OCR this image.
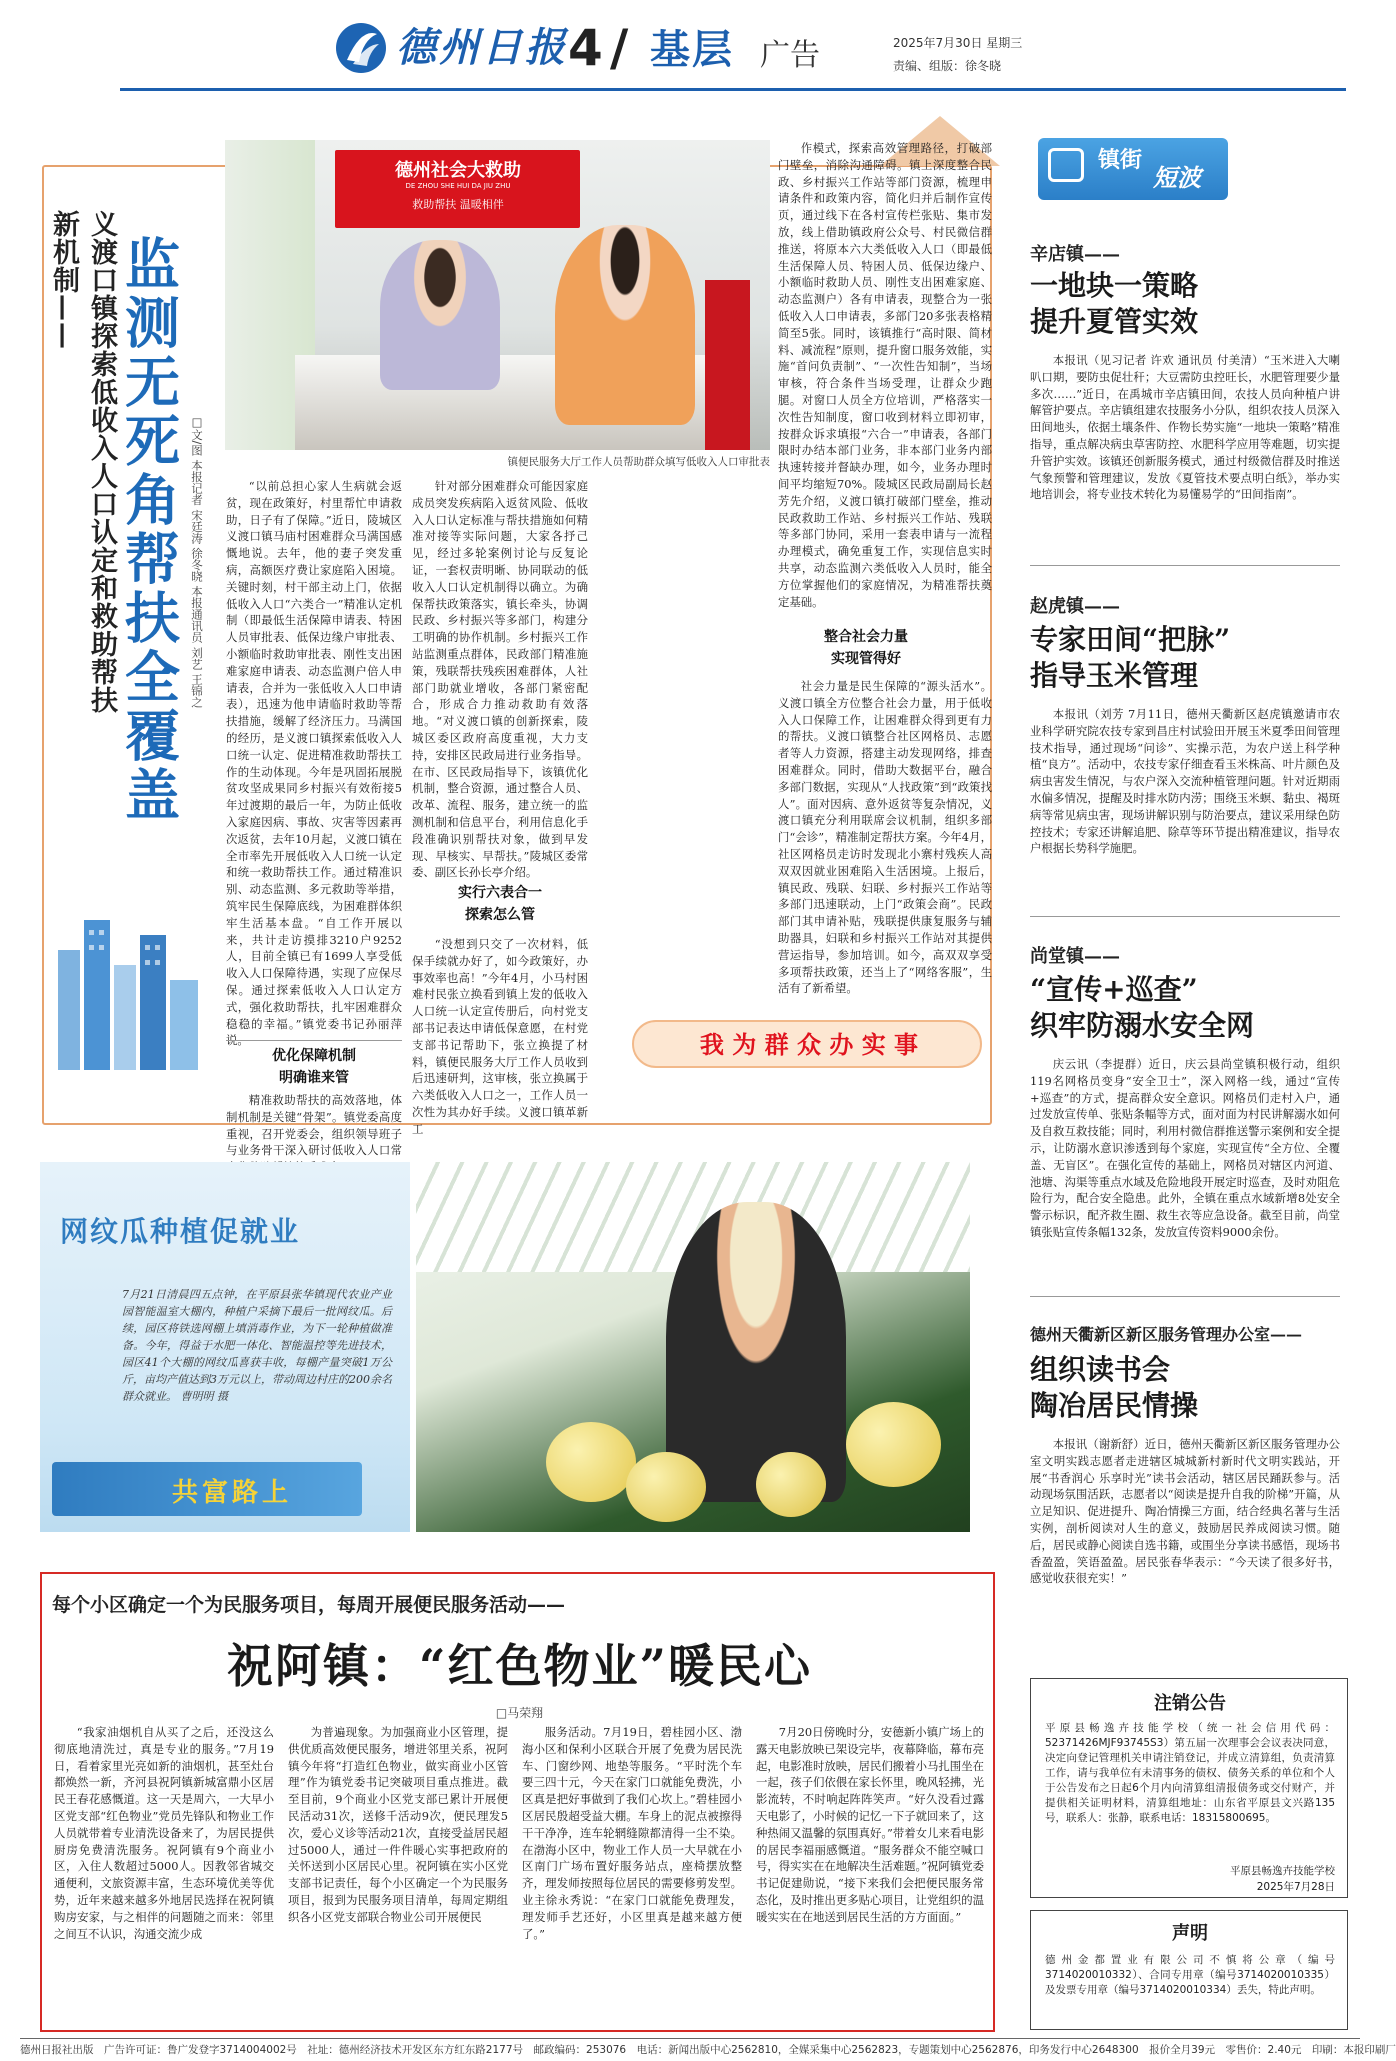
德州日报 4 / 基层 广告	2025年7月30日 星期三
责编、组版：徐冬晓
义渡口镇探索低收入人口认定和救助帮扶新机制—— 监测无死角
帮扶全覆盖 □文/图 本报记者 宋廷涛 徐冬晓 本报通讯员 刘艺 王锦之
德州社会大救助
DE ZHOU SHE HUI DA JIU ZHU
救助帮扶 温暖相伴
镇便民服务大厅工作人员帮助群众填写低收入人口审批表

“以前总担心家人生病就会返贫，现在政策好，村里帮忙申请救助，日子有了保障。”近日，陵城区义渡口镇马庙村困难群众马满国感慨地说。去年，他的妻子突发重病，高额医疗费让家庭陷入困境。关键时刻，村干部主动上门，依据低收入人口“六类合一”精准认定机制（即最低生活保障申请表、特困人员审批表、低保边缘户审批表、小额临时救助审批表、刚性支出困难家庭申请表、动态监测户倍人申请表，合并为一张低收入人口申请表），迅速为他申请临时救助等帮扶措施，缓解了经济压力。马满国的经历，是义渡口镇探索低收入人口统一认定、促进精准救助帮扶工作的生动体现。今年是巩固拓展脱贫攻坚成果同乡村振兴有效衔接5年过渡期的最后一年，为防止低收入家庭因病、事故、灾害等因素再次返贫，去年10月起，义渡口镇在全市率先开展低收入人口统一认定和统一救助帮扶工作。通过精准识别、动态监测、多元救助等举措，筑牢民生保障底线，为困难群体织牢生活基本盘。“自工作开展以来，共计走访摸排3210户9252人，目前全镇已有1699人享受低收入人口保障待遇，实现了应保尽保。通过探索低收入人口认定方式，强化救助帮扶，扎牢困难群众稳稳的幸福。”镇党委书记孙丽萍说。

优化保障机制
明确谁来管

精准救助帮扶的高效落地，体制机制是关键“骨架”。镇党委高度重视，召开党委会，组织领导班子与业务骨干深入研讨低收入人口常

针对部分困难群众可能因家庭成员突发疾病陷入返贫风险、低收入人口认定标准与帮扶措施如何精准对接等实际问题，大家各抒己见，经过多轮案例讨论与反复论证，一套权责明晰、协同联动的低收入人口认定机制得以确立。为确保帮扶政策落实，镇长牵头，协调民政、乡村振兴等多部门，构建分工明确的协作机制。乡村振兴工作站监测重点群体，民政部门精准施策，残联帮扶残疾困难群体，人社部门助就业增收，各部门紧密配合，形成合力推动救助有效落地。“对义渡口镇的创新探索，陵城区委区政府高度重视，大力支持，安排区民政局进行业务指导。在市、区民政局指导下，该镇优化机制，整合资源，通过整合人员、改革、流程、服务，建立统一的监测机制和信息平台，利用信息化手段准确识别帮扶对象，做到早发现、早核实、早帮扶。”陵城区委常委、副区长孙长亭介绍。

实行六表合一
探索怎么管

“没想到只交了一次材料，低保手续就办好了，如今政策好，办事效率也高！”今年4月，小马村困难村民张立换看到镇上发的低收入人口统一认定宣传册后，向村党支部书记表达申请低保意愿，在村党支部书记帮助下，张立换提了材料，镇便民服务大厅工作人员收到后迅速研判，这审核，张立换属于六类低收入人口之一，工作人员一次性为其办好手续。义渡口镇革新工

作模式，探索高效管理路径，打破部门壁垒，消除沟通障碍。镇上深度整合民政、乡村振兴工作站等部门资源，梳理申请条件和政策内容，简化归并后制作宣传页，通过线下在各村宣传栏张贴、集市发放，线上借助镇政府公众号、村民微信群推送，将原本六大类低收入人口（即最低生活保障人员、特困人员、低保边缘户、小额临时救助人员、刚性支出困难家庭、动态监测户）各有申请表，现整合为一张低收入人口申请表，多部门20多张表格精简至5张。同时，该镇推行“高时限、简材料、减流程”原则，提升窗口服务效能，实施“首问负责制”、“一次性告知制”，当场审核，符合条件当场受理，让群众少跑腿。对窗口人员全方位培训，严格落实一次性告知制度，窗口收到材料立即初审，按群众诉求填报“六合一”申请表，各部门限时办结本部门业务，非本部门业务内部执速转接并督缺办理，如今，业务办理时间平均缩短70%。陵城区民政局副局长赵芳先介绍，义渡口镇打破部门壁垒，推动民政救助工作站、乡村振兴工作站、残联等多部门协同，采用一套表申请与一流程办理模式，确免重复工作，实现信息实时共享，动态监测六类低收入人员时，能全方位掌握他们的家庭情况，为精准帮扶奠定基础。

整合社会力量
实现管得好

社会力量是民生保障的“源头活水”。义渡口镇全方位整合社会力量，用于低收入人口保障工作，让困难群众得到更有力的帮扶。义渡口镇整合社区网格员、志愿者等人力资源，搭建主动发现网络，排查困难群众。同时，借助大数据平台，融合多部门数据，实现从“人找政策”到“政策找人”。面对因病、意外返贫等复杂情况，义渡口镇充分利用联席会议机制，组织多部门“会诊”，精准制定帮扶方案。今年4月，社区网格员走访时发现北小寨村残疾人高双双因就业困难陷入生活困境。上报后，镇民政、残联、妇联、乡村振兴工作站等多部门迅速联动，上门“政策会商”。民政部门其申请补贴，残联提供康复服务与辅助器具，妇联和乡村振兴工作站对其提供营运指导，参加培训。如今，高双双享受多项帮扶政策，还当上了“网络客服”，生活有了新希望。

我 为 群 众 办 实 事
网纹瓜种植促就业
7月21日清晨四五点钟，在平原县张华镇现代农业产业园智能温室大棚内，种植户采摘下最后一批网纹瓜。后续，园区将铁选网棚上填消毒作业，为下一轮种植做准备。今年，得益于水肥一体化、智能温控等先进技术，园区41个大棚的网纹瓜喜获丰收，每棚产量突破1万公斤，亩均产值达到3万元以上，带动周边村庄的200余名群众就业。 曹明明 摄
共富路上
每个小区确定一个为民服务项目，每周开展便民服务活动——
祝阿镇：“红色物业”暖民心
□马荣翔

“我家油烟机自从买了之后，还没这么彻底地清洗过，真是专业的服务。”7月19日，看着家里光亮如新的油烟机，甚至灶台都焕然一新，齐河县祝阿镇新城富鼎小区居民王春花感慨道。这一天是周六，一大早小区党支部“红色物业”党员先锋队和物业工作人员就带着专业清洗设备来了，为居民提供厨房免费清洗服务。祝阿镇有9个商业小区，入住人数超过5000人。因教邻省城交通便利，文旅资源丰富，生态环境优美等优势，近年来越来越多外地居民选择在祝阿镇购房安家，与之相伴的问题随之而来：邻里之间互不认识，沟通交流少成

为普遍现象。为加强商业小区管理，提供优质高效便民服务，增进邻里关系，祝阿镇今年将“打造红色物业，做实商业小区管理”作为镇党委书记突破项目重点推进。截至目前，9个商业小区党支部已累计开展便民活动31次，送修千活动9次，便民理发5次，爱心义诊等活动21次，直接受益居民超过5000人，通过一件件暖心实事把政府的关怀送到小区居民心里。祝阿镇在实小区党支部书记责任，每个小区确定一个为民服务项目，报到为民服务项目清单，每周定期组织各小区党支部联合物业公司开展便民

服务活动。7月19日，碧桂园小区、渤海小区和保利小区联合开展了免费为居民洗车、门窗纱网、地垫等服务。“平时洗个车要三四十元，今天在家门口就能免费洗，小区真是把好事做到了我们心坎上。”碧桂园小区居民殷超受益大棚。车身上的泥点被擦得干干净净，连车轮辋缝隙都清得一尘不染。在渤海小区中，物业工作人员一大早就在小区南门广场布置好服务站点，座椅摆放整齐，理发师按照每位居民的需要修剪发型。业主徐永秀说：“在家门口就能免费理发，理发师手艺还好，小区里真是越来越方便了。”

7月20日傍晚时分，安德新小镇广场上的露天电影放映已架设完毕，夜幕降临，幕布亮起，电影准时放映，居民们搬着小马扎围坐在一起，孩子们依偎在家长怀里，晚风轻拂，光影流转，不时响起阵阵笑声。“好久没看过露天电影了，小时候的记忆一下子就回来了，这种热闹又温馨的氛围真好。”带着女儿来看电影的居民李福丽感慨道。“服务群众不能空喊口号，得实实在在地解决生活难题。”祝阿镇党委书记促建勋说，“接下来我们会把便民服务常态化，及时推出更多贴心项目，让党组织的温暖实实在在地送到居民生活的方方面面。”

镇街
短波
辛店镇——
一地块一策略
提升夏管实效

本报讯（见习记者 许欢 通讯员 付美清）“玉米进入大喇叭口期，要防虫促壮秆；大豆需防虫控旺长，水肥管理要少量多次……”近日，在禹城市辛店镇田间，农技人员向种植户讲解管护要点。辛店镇组建农技服务小分队，组织农技人员深入田间地头，依据土壤条件、作物长势实施“一地块一策略”精准指导，重点解决病虫草害防控、水肥科学应用等难题，切实提升管护实效。该镇还创新服务模式，通过村级微信群及时推送气象预警和管理建议，发放《夏管技术要点明白纸》，举办实地培训会，将专业技术转化为易懂易学的“田间指南”。

赵虎镇——
专家田间“把脉”
指导玉米管理

本报讯（刘芳 7月11日，德州天衢新区赵虎镇邀请市农业科学研究院农技专家到昌庄村试验田开展玉米夏季田间管理技术指导，通过现场“问诊”、实操示范，为农户送上科学种植“良方”。活动中，农技专家仔细查看玉米株高、叶片颜色及病虫害发生情况，与农户深入交流种植管理问题。针对近期雨水偏多情况，提醒及时排水防内涝；围绕玉米螟、黏虫、褐斑病等常见病虫害，现场讲解识别与防治要点，建议采用绿色防控技术；专家还讲解追肥、除草等环节提出精准建议，指导农户根据长势科学施肥。

尚堂镇——
“宣传+巡查”
织牢防溺水安全网

庆云讯（李提群）近日，庆云县尚堂镇积极行动，组织119名网格员变身“安全卫士”，深入网格一线，通过“宣传+巡查”的方式，提高群众安全意识。网格员们走村入户，通过发放宣传单、张贴条幅等方式，面对面为村民讲解溺水如何及自救互救技能；同时，利用村微信群推送警示案例和安全提示，让防溺水意识渗透到每个家庭，实现宣传“全方位、全覆盖、无盲区”。在强化宣传的基础上，网格员对辖区内河道、池塘、沟渠等重点水域及危险地段开展定时巡查，及时劝阻危险行为，配合安全隐患。此外，全镇在重点水域新增8处安全警示标识，配齐救生圈、救生衣等应急设备。截至目前，尚堂镇张贴宣传条幅132条，发放宣传资料9000余份。

德州天衢新区新区服务管理办公室——
组织读书会
陶冶居民情操

本报讯（谢新舒）近日，德州天衢新区新区服务管理办公室文明实践志愿者走进辖区城城新村新时代文明实践站，开展“书香润心 乐享时光”读书会活动，辖区居民踊跃参与。活动现场氛围活跃，志愿者以“阅读是提升自我的阶梯”开篇，从立足知识、促进提升、陶冶情操三方面，结合经典名著与生活实例，剖析阅读对人生的意义，鼓励居民养成阅读习惯。随后，居民或静心阅读自选书籍，或围坐分享读书感悟，现场书香盈盈，笑语盈盈。居民张春华表示：“今天读了很多好书，感觉收获很充实！”

注销公告
平原县畅逸卉技能学校（统一社会信用代码：52371426MJF93745S3）第五届一次理事会会议表决同意，决定向登记管理机关申请注销登记，并成立清算组，负责清算工作，请与我单位有未清事务的债权、债务关系的单位和个人于公告发布之日起6个月内向清算组清报债务或交付财产，并提供相关证明材料，清算组地址：山东省平原县文兴路135号，联系人：张静，联系电话：18315800695。
平原县畅逸卉技能学校
2025年7月28日
声明
德州金都置业有限公司不慎将公章（编号3714020010332）、合同专用章（编号3714020010335）及发票专用章（编号3714020010334）丢失，特此声明。
德州日报社出版　广告许可证：鲁广发登字3714004002号　社址：德州经济技术开发区东方红东路2177号　邮政编码：253076　电话：新闻出版中心2562810，全媒采集中心2562823，专题策划中心2562876，印务发行中心2648300　报价全月39元　零售价：2.40元　印刷：本报印刷厂
